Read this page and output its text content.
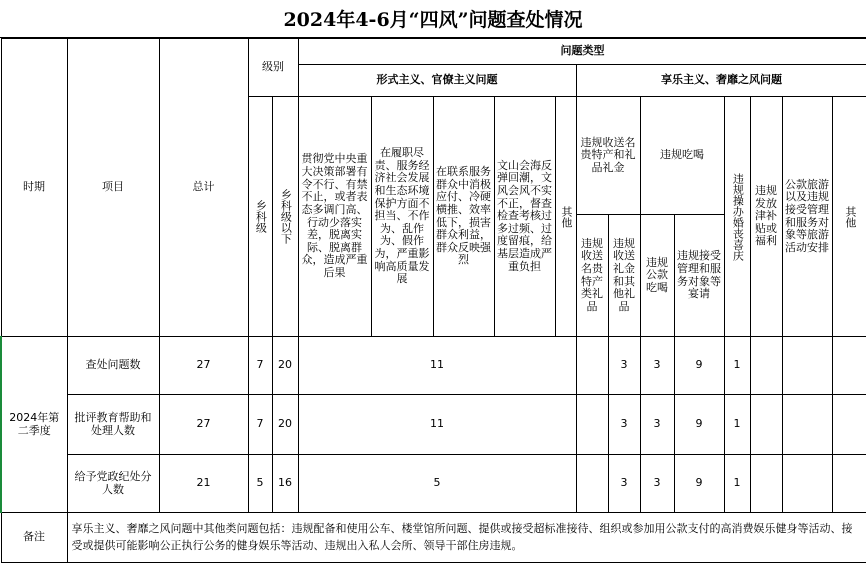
2024年4-6月“四风”问题查处情况
时期	项目	总计	级别		问题类型												
					形式主义、官僚主义问题					享乐主义、奢靡之风问题							
			乡科级	乡科级以下	贯彻党中央重大决策部署有令不行、有禁不止，或者表态多调门高、行动少落实差，脱离实际、脱离群众，造成严重后果	在履职尽责、服务经济社会发展和生态环境保护方面不担当、不作为、乱作为、假作为，严重影响高质量发展	在联系服务群众中消极应付、冷硬横推、效率低下，损害群众利益，群众反映强烈	文山会海反弹回潮，文风会风不实不正，督查检查考核过多过频、过度留痕，给基层造成严重负担	其他	违规收送名贵特产和礼品礼金		违规吃喝		违规操办婚丧喜庆	违规发放津补贴或福利	公款旅游以及违规接受管理和服务对象等旅游活动安排	其他
										违规收送名贵特产类礼品	违规收送礼金和其他礼品	违规公款吃喝	违规接受管理和服务对象等宴请				
2024年第二季度	查处问题数	27	7	20	11						3	3	9	1			
	批评教育帮助和处理人数	27	7	20	11						3	3	9	1			
	给予党政纪处分人数	21	5	16	5						3	3	9	1			
备注	享乐主义、奢靡之风问题中其他类问题包括：违规配备和使用公车、楼堂馆所问题、提供或接受超标准接待、组织或参加用公款支付的高消费娱乐健身等活动、接受或提供可能影响公正执行公务的健身娱乐等活动、违规出入私人会所、领导干部住房违规。																
